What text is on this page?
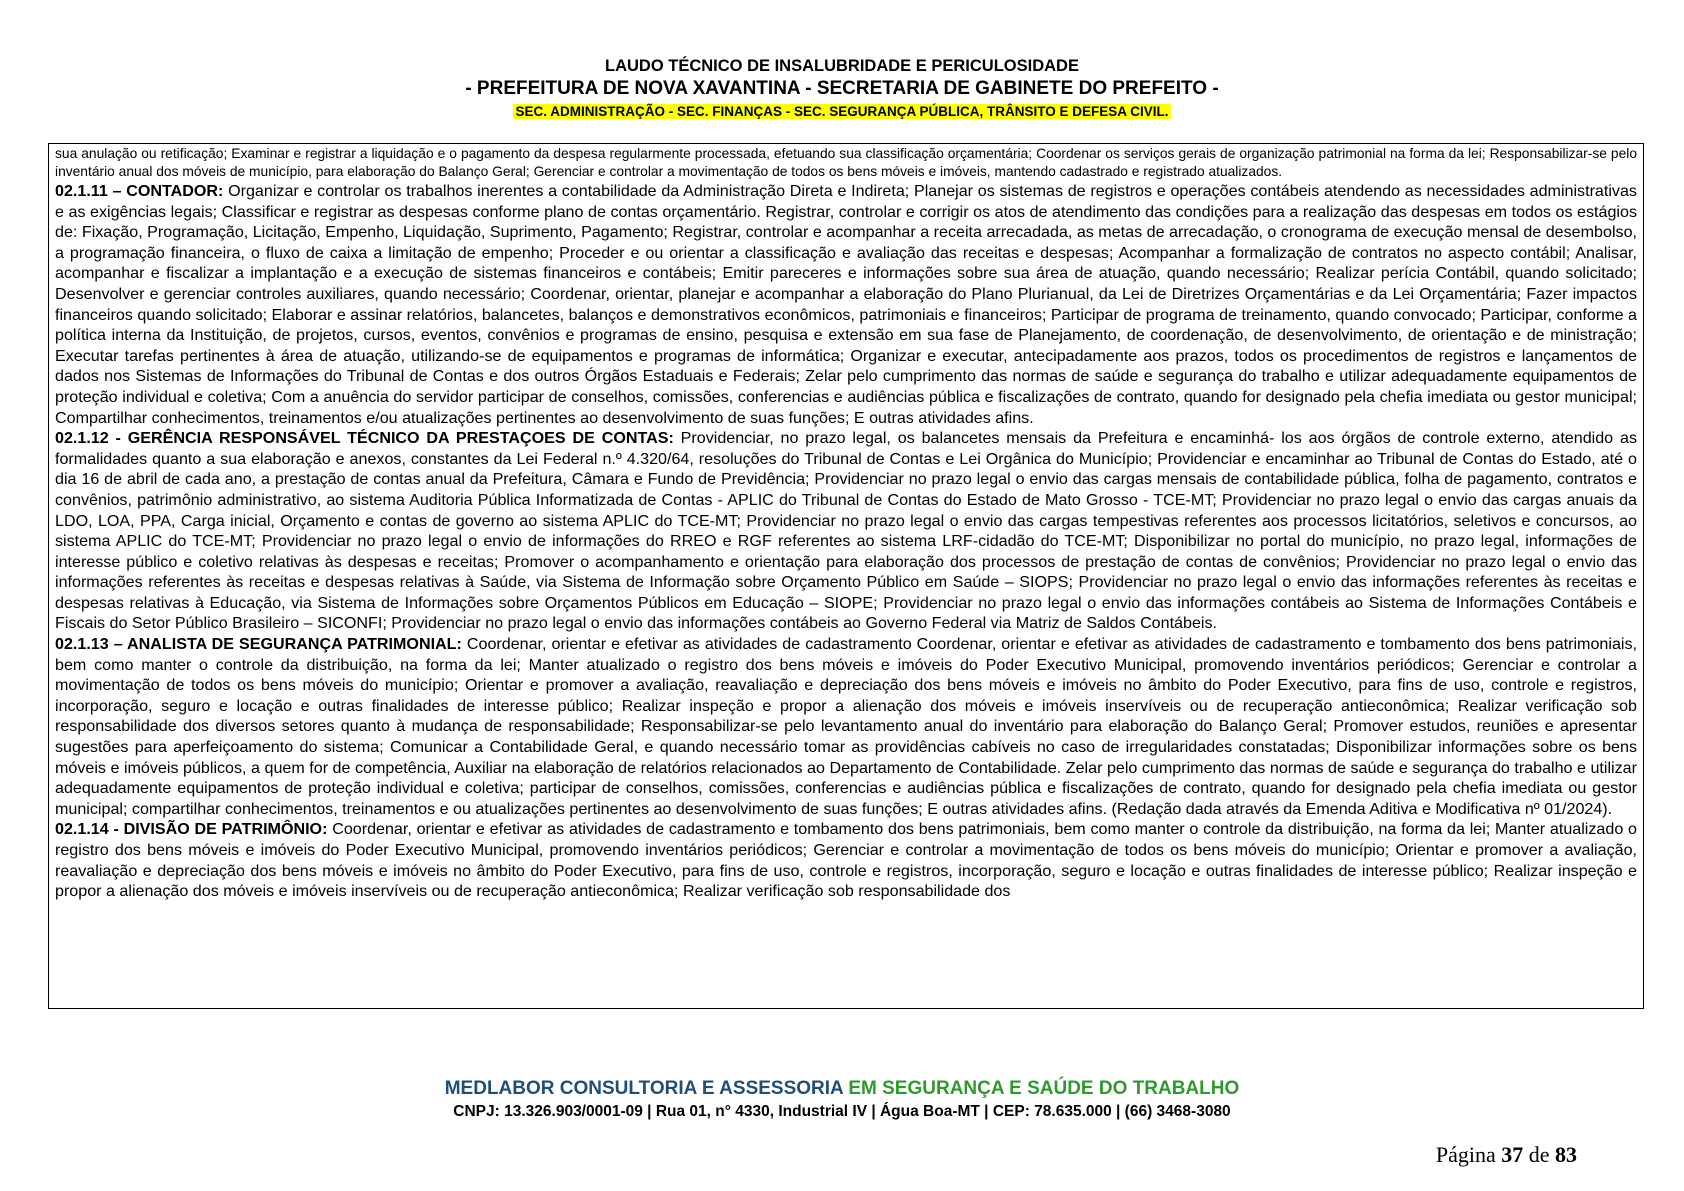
LAUDO TÉCNICO DE INSALUBRIDADE E PERICULOSIDADE
- PREFEITURA DE NOVA XAVANTINA - SECRETARIA DE GABINETE DO PREFEITO -
SEC. ADMINISTRAÇÃO - SEC. FINANÇAS - SEC. SEGURANÇA PÚBLICA, TRÂNSITO E DEFESA CIVIL.

sua anulação ou retificação; Examinar e registrar a liquidação e o pagamento da despesa regularmente processada, efetuando sua classificação orçamentária; Coordenar os serviços gerais de organização patrimonial na forma da lei; Responsabilizar-se pelo inventário anual dos móveis de município, para elaboração do Balanço Geral; Gerenciar e controlar a movimentação de todos os bens móveis e imóveis, mantendo cadastrado e registrado atualizados.

02.1.11 – CONTADOR: Organizar e controlar os trabalhos inerentes a contabilidade da Administração Direta e Indireta; Planejar os sistemas de registros e operações contábeis atendendo as necessidades administrativas e as exigências legais; Classificar e registrar as despesas conforme plano de contas orçamentário. Registrar, controlar e corrigir os atos de atendimento das condições para a realização das despesas em todos os estágios de: Fixação, Programação, Licitação, Empenho, Liquidação, Suprimento, Pagamento; Registrar, controlar e acompanhar a receita arrecadada, as metas de arrecadação, o cronograma de execução mensal de desembolso, a programação financeira, o fluxo de caixa a limitação de empenho; Proceder e ou orientar a classificação e avaliação das receitas e despesas; Acompanhar a formalização de contratos no aspecto contábil; Analisar, acompanhar e fiscalizar a implantação e a execução de sistemas financeiros e contábeis; Emitir pareceres e informações sobre sua área de atuação, quando necessário; Realizar perícia Contábil, quando solicitado; Desenvolver e gerenciar controles auxiliares, quando necessário; Coordenar, orientar, planejar e acompanhar a elaboração do Plano Plurianual, da Lei de Diretrizes Orçamentárias e da Lei Orçamentária; Fazer impactos financeiros quando solicitado; Elaborar e assinar relatórios, balancetes, balanços e demonstrativos econômicos, patrimoniais e financeiros; Participar de programa de treinamento, quando convocado; Participar, conforme a política interna da Instituição, de projetos, cursos, eventos, convênios e programas de ensino, pesquisa e extensão em sua fase de Planejamento, de coordenação, de desenvolvimento, de orientação e de ministração; Executar tarefas pertinentes à área de atuação, utilizando-se de equipamentos e programas de informática; Organizar e executar, antecipadamente aos prazos, todos os procedimentos de registros e lançamentos de dados nos Sistemas de Informações do Tribunal de Contas e dos outros Órgãos Estaduais e Federais; Zelar pelo cumprimento das normas de saúde e segurança do trabalho e utilizar adequadamente equipamentos de proteção individual e coletiva; Com a anuência do servidor participar de conselhos, comissões, conferencias e audiências pública e fiscalizações de contrato, quando for designado pela chefia imediata ou gestor municipal; Compartilhar conhecimentos, treinamentos e/ou atualizações pertinentes ao desenvolvimento de suas funções; E outras atividades afins.

02.1.12 - GERÊNCIA RESPONSÁVEL TÉCNICO DA PRESTAÇOES DE CONTAS: Providenciar, no prazo legal, os balancetes mensais da Prefeitura e encaminhá- los aos órgãos de controle externo, atendido as formalidades quanto a sua elaboração e anexos, constantes da Lei Federal n.º 4.320/64, resoluções do Tribunal de Contas e Lei Orgânica do Município; Providenciar e encaminhar ao Tribunal de Contas do Estado, até o dia 16 de abril de cada ano, a prestação de contas anual da Prefeitura, Câmara e Fundo de Previdência; Providenciar no prazo legal o envio das cargas mensais de contabilidade pública, folha de pagamento, contratos e convênios, patrimônio administrativo, ao sistema Auditoria Pública Informatizada de Contas - APLIC do Tribunal de Contas do Estado de Mato Grosso - TCE-MT; Providenciar no prazo legal o envio das cargas anuais da LDO, LOA, PPA, Carga inicial, Orçamento e contas de governo ao sistema APLIC do TCE-MT; Providenciar no prazo legal o envio das cargas tempestivas referentes aos processos licitatórios, seletivos e concursos, ao sistema APLIC do TCE-MT; Providenciar no prazo legal o envio de informações do RREO e RGF referentes ao sistema LRF-cidadão do TCE-MT; Disponibilizar no portal do município, no prazo legal, informações de interesse público e coletivo relativas às despesas e receitas; Promover o acompanhamento e orientação para elaboração dos processos de prestação de contas de convênios; Providenciar no prazo legal o envio das informações referentes às receitas e despesas relativas à Saúde, via Sistema de Informação sobre Orçamento Público em Saúde – SIOPS; Providenciar no prazo legal o envio das informações referentes às receitas e despesas relativas à Educação, via Sistema de Informações sobre Orçamentos Públicos em Educação – SIOPE; Providenciar no prazo legal o envio das informações contábeis ao Sistema de Informações Contábeis e Fiscais do Setor Público Brasileiro – SICONFI; Providenciar no prazo legal o envio das informações contábeis ao Governo Federal via Matriz de Saldos Contábeis.

02.1.13 – ANALISTA DE SEGURANÇA PATRIMONIAL: Coordenar, orientar e efetivar as atividades de cadastramento Coordenar, orientar e efetivar as atividades de cadastramento e tombamento dos bens patrimoniais, bem como manter o controle da distribuição, na forma da lei; Manter atualizado o registro dos bens móveis e imóveis do Poder Executivo Municipal, promovendo inventários periódicos; Gerenciar e controlar a movimentação de todos os bens móveis do município; Orientar e promover a avaliação, reavaliação e depreciação dos bens móveis e imóveis no âmbito do Poder Executivo, para fins de uso, controle e registros, incorporação, seguro e locação e outras finalidades de interesse público; Realizar inspeção e propor a alienação dos móveis e imóveis inservíveis ou de recuperação antieconômica; Realizar verificação sob responsabilidade dos diversos setores quanto à mudança de responsabilidade; Responsabilizar-se pelo levantamento anual do inventário para elaboração do Balanço Geral; Promover estudos, reuniões e apresentar sugestões para aperfeiçoamento do sistema; Comunicar a Contabilidade Geral, e quando necessário tomar as providências cabíveis no caso de irregularidades constatadas; Disponibilizar informações sobre os bens móveis e imóveis públicos, a quem for de competência, Auxiliar na elaboração de relatórios relacionados ao Departamento de Contabilidade. Zelar pelo cumprimento das normas de saúde e segurança do trabalho e utilizar adequadamente equipamentos de proteção individual e coletiva; participar de conselhos, comissões, conferencias e audiências pública e fiscalizações de contrato, quando for designado pela chefia imediata ou gestor municipal; compartilhar conhecimentos, treinamentos e ou atualizações pertinentes ao desenvolvimento de suas funções; E outras atividades afins. (Redação dada através da Emenda Aditiva e Modificativa nº 01/2024).

02.1.14 - DIVISÃO DE PATRIMÔNIO: Coordenar, orientar e efetivar as atividades de cadastramento e tombamento dos bens patrimoniais, bem como manter o controle da distribuição, na forma da lei; Manter atualizado o registro dos bens móveis e imóveis do Poder Executivo Municipal, promovendo inventários periódicos; Gerenciar e controlar a movimentação de todos os bens móveis do município; Orientar e promover a avaliação, reavaliação e depreciação dos bens móveis e imóveis no âmbito do Poder Executivo, para fins de uso, controle e registros, incorporação, seguro e locação e outras finalidades de interesse público; Realizar inspeção e propor a alienação dos móveis e imóveis inservíveis ou de recuperação antieconômica; Realizar verificação sob responsabilidade dos

MEDLABOR CONSULTORIA E ASSESSORIA EM SEGURANÇA E SAÚDE DO TRABALHO
CNPJ: 13.326.903/0001-09 | Rua 01, n° 4330, Industrial IV | Água Boa-MT | CEP: 78.635.000 | (66) 3468-3080
Página 37 de 83
